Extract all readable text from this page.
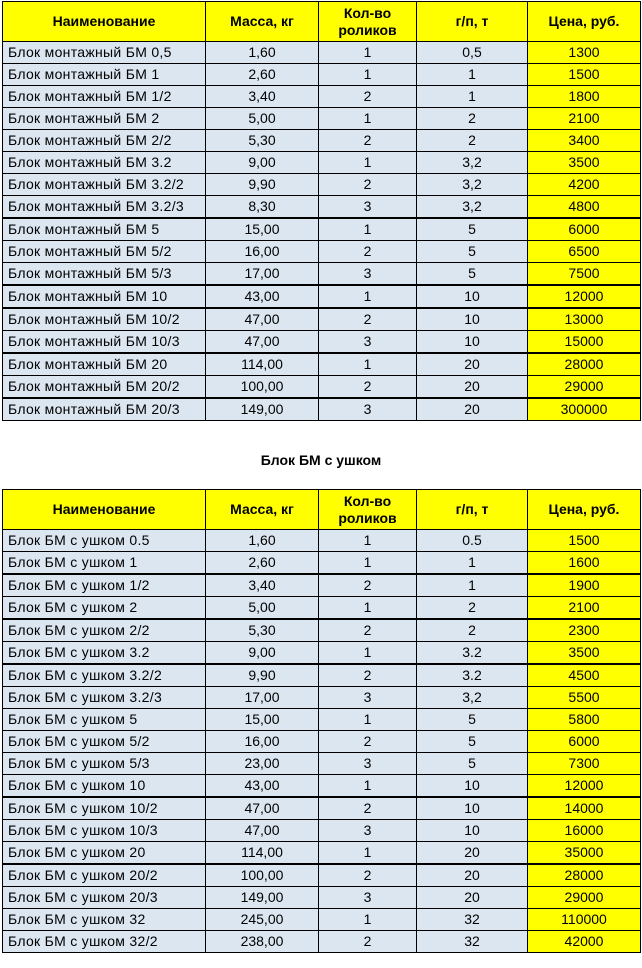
Наименование	Масса, кг	Кол-во роликов	г/п, т	Цена, руб.
Блок монтажный БМ 0,5	1,60	1	0,5	1300
Блок монтажный БМ 1	2,60	1	1	1500
Блок монтажный БМ 1/2	3,40	2	1	1800
Блок монтажный БМ 2	5,00	1	2	2100
Блок монтажный БМ 2/2	5,30	2	2	3400
Блок монтажный БМ 3.2	9,00	1	3,2	3500
Блок монтажный БМ 3.2/2	9,90	2	3,2	4200
Блок монтажный БМ 3.2/3	8,30	3	3,2	4800
Блок монтажный БМ 5	15,00	1	5	6000
Блок монтажный БМ 5/2	16,00	2	5	6500
Блок монтажный БМ 5/3	17,00	3	5	7500
Блок монтажный БМ 10	43,00	1	10	12000
Блок монтажный БМ 10/2	47,00	2	10	13000
Блок монтажный БМ 10/3	47,00	3	10	15000
Блок монтажный БМ 20	114,00	1	20	28000
Блок монтажный БМ 20/2	100,00	2	20	29000
Блок монтажный БМ 20/3	149,00	3	20	300000
Блок БМ с ушком
Наименование	Масса, кг	Кол-во роликов	г/п, т	Цена, руб.
Блок БМ с ушком 0.5	1,60	1	0.5	1500
Блок БМ с ушком 1	2,60	1	1	1600
Блок БМ с ушком 1/2	3,40	2	1	1900
Блок БМ с ушком 2	5,00	1	2	2100
Блок БМ с ушком 2/2	5,30	2	2	2300
Блок БМ с ушком 3.2	9,00	1	3.2	3500
Блок БМ с ушком 3.2/2	9,90	2	3.2	4500
Блок БМ с ушком 3.2/3	17,00	3	3,2	5500
Блок БМ с ушком 5	15,00	1	5	5800
Блок БМ с ушком 5/2	16,00	2	5	6000
Блок БМ с ушком 5/3	23,00	3	5	7300
Блок БМ с ушком 10	43,00	1	10	12000
Блок БМ с ушком 10/2	47,00	2	10	14000
Блок БМ с ушком 10/3	47,00	3	10	16000
Блок БМ с ушком 20	114,00	1	20	35000
Блок БМ с ушком 20/2	100,00	2	20	28000
Блок БМ с ушком 20/3	149,00	3	20	29000
Блок БМ с ушком 32	245,00	1	32	110000
Блок БМ с ушком 32/2	238,00	2	32	42000
